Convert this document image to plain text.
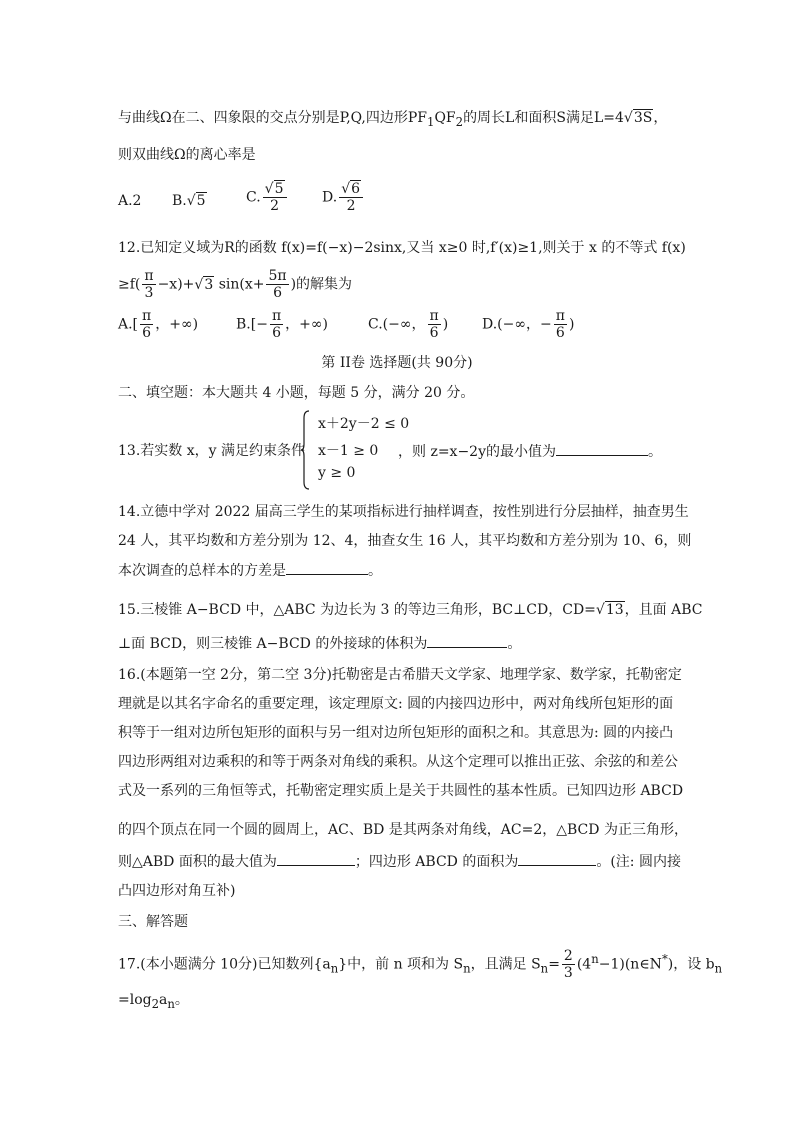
与曲线Ω在二、四象限的交点分别是P,Q,四边形$PF_1QF_2$的周长L和面积S满足L=4√3S，
则双曲线Ω的离心率是
A.2 B.√5	C. $\frac{√5}{2}$	D. $\frac{√6}{2}$
12.已知定义域为R的函数 f(x)=f(−x)−2sinx,又当 x≥0 时,f′(x)≥1,则关于 x 的不等式 f(x)
$\ge f( \frac{\pi}{3} -x)+√3$ $\sin(x+ \frac{5\pi}{6}$ )的解集为
$A.[ \frac{\pi}{6}$ ，+∞)	$B.[- \frac{\pi}{6}$ ，+∞)	C.(−∞， $\frac{\pi}{6}$ ) D.(−∞，− $\frac{\pi}{6}$ )
第 II卷 选择题(共 90分)
二、填空题：本大题共 4 小题，每题 5 分，满分 20 分。
13.若实数 x，y 满足约束条件
x＋2y－2 ≤ 0
x－1 ≥ 0
y ≥ 0
，则 z=x−2y的最小值为	。
14.立德中学对 2022 届高三学生的某项指标进行抽样调查，按性别进行分层抽样，抽查男生
24 人，其平均数和方差分别为 12、4，抽查女生 16 人，其平均数和方差分别为 10、6，则
本次调查的总样本的方差是	。
15.三棱锥 A−BCD 中，△ABC 为边长为 3 的等边三角形，BC⊥CD，CD=√13，且面 ABC
⊥面 BCD，则三棱锥 A−BCD 的外接球的体积为	。
16.(本题第一空 2分，第二空 3分)托勒密是古希腊天文学家、地理学家、数学家，托勒密定
理就是以其名字命名的重要定理，该定理原文: 圆的内接四边形中，两对角线所包矩形的面
积等于一组对边所包矩形的面积与另一组对边所包矩形的面积之和。其意思为: 圆的内接凸
四边形两组对边乘积的和等于两条对角线的乘积。从这个定理可以推出正弦、余弦的和差公
式及一系列的三角恒等式，托勒密定理实质上是关于共圆性的基本性质。已知四边形 ABCD
的四个顶点在同一个圆的圆周上，AC、BD 是其两条对角线，AC=2，△BCD 为正三角形，
则△ABD 面积的最大值为	；四边形 ABCD 的面积为	。(注: 圆内接
凸四边形对角互补)
三、解答题
17.(本小题满分 10分)已知数列$\{a_n\}$中，前 n 项和为 $S_n$，且满足 $S_n= \frac{2}{3}$ $(4^n-1)(n\in N^*)$，设 $b_n$
$=\log_2a_n$。
